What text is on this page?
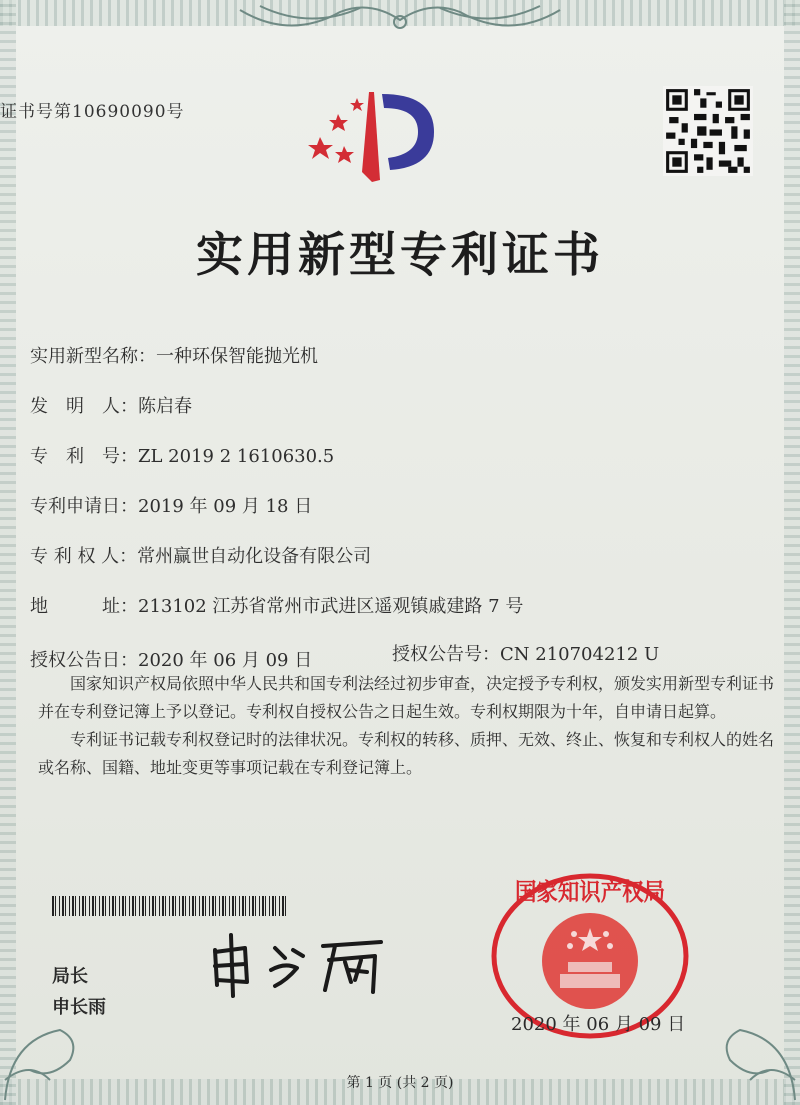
证书号第10690090号
实用新型专利证书
实用新型名称：一种环保智能抛光机
发　明　人：陈启春
专　利　号：ZL 2019 2 1610630.5
专利申请日：2019 年 09 月 18 日
专 利 权 人：常州赢世自动化设备有限公司
地　　　址：213102 江苏省常州市武进区遥观镇戚建路 7 号
授权公告日：2020 年 06 月 09 日	授权公告号：CN 210704212 U

国家知识产权局依照中华人民共和国专利法经过初步审查，决定授予专利权，颁发实用新型专利证书并在专利登记簿上予以登记。专利权自授权公告之日起生效。专利权期限为十年，自申请日起算。

专利证书记载专利权登记时的法律状况。专利权的转移、质押、无效、终止、恢复和专利权人的姓名或名称、国籍、地址变更等事项记载在专利登记簿上。

局长
申长雨
国家知识产权局
2020 年 06 月 09 日
第 1 页 (共 2 页)
